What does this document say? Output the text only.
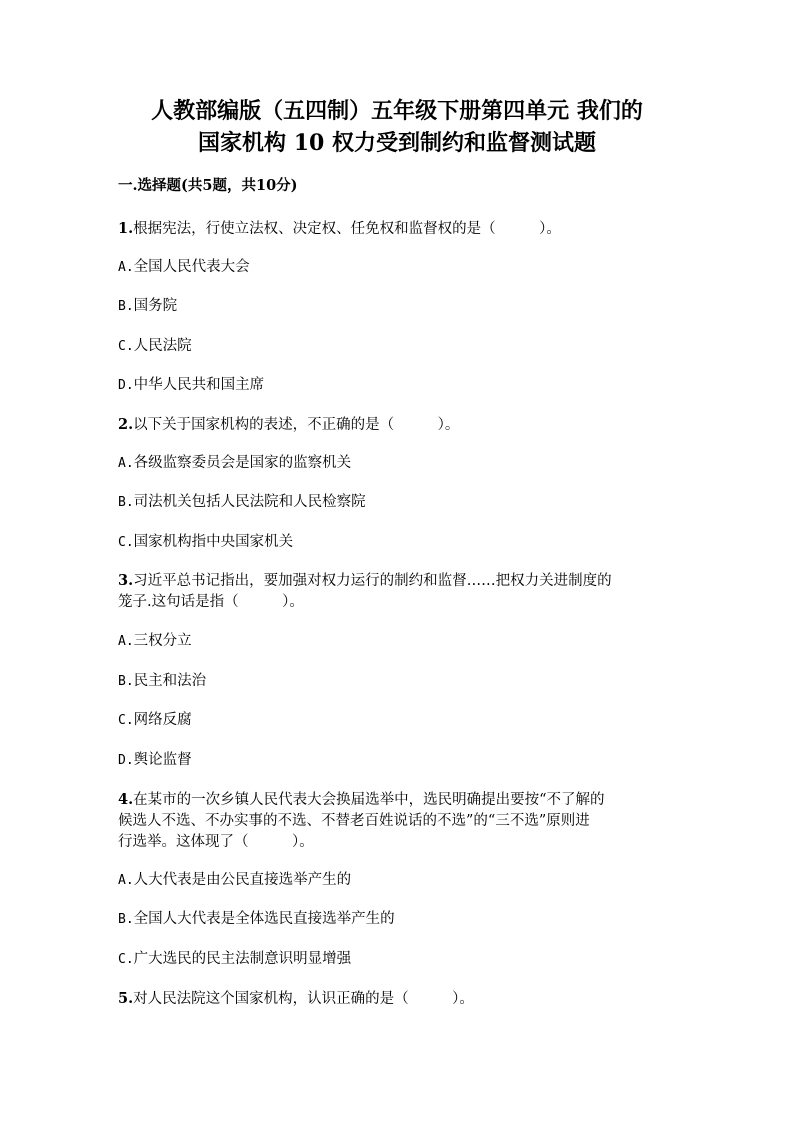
人教部编版（五四制）五年级下册第四单元 我们的
国家机构 10 权力受到制约和监督测试题
一.选择题(共5题，共10分)
1.根据宪法，行使立法权、决定权、任免权和监督权的是（　　　）。
A.全国人民代表大会
B.国务院
C.人民法院
D.中华人民共和国主席
2.以下关于国家机构的表述，不正确的是（　　　）。
A.各级监察委员会是国家的监察机关
B.司法机关包括人民法院和人民检察院
C.国家机构指中央国家机关
3.习近平总书记指出，要加强对权力运行的制约和监督……把权力关进制度的
笼子.这句话是指（　　　）。
A.三权分立
B.民主和法治
C.网络反腐
D.舆论监督
4.在某市的一次乡镇人民代表大会换届选举中，选民明确提出要按“不了解的
候选人不选、不办实事的不选、不替老百姓说话的不选”的“三不选”原则进
行选举。这体现了（　　　）。
A.人大代表是由公民直接选举产生的
B.全国人大代表是全体选民直接选举产生的
C.广大选民的民主法制意识明显增强
5.对人民法院这个国家机构，认识正确的是（　　　）。
